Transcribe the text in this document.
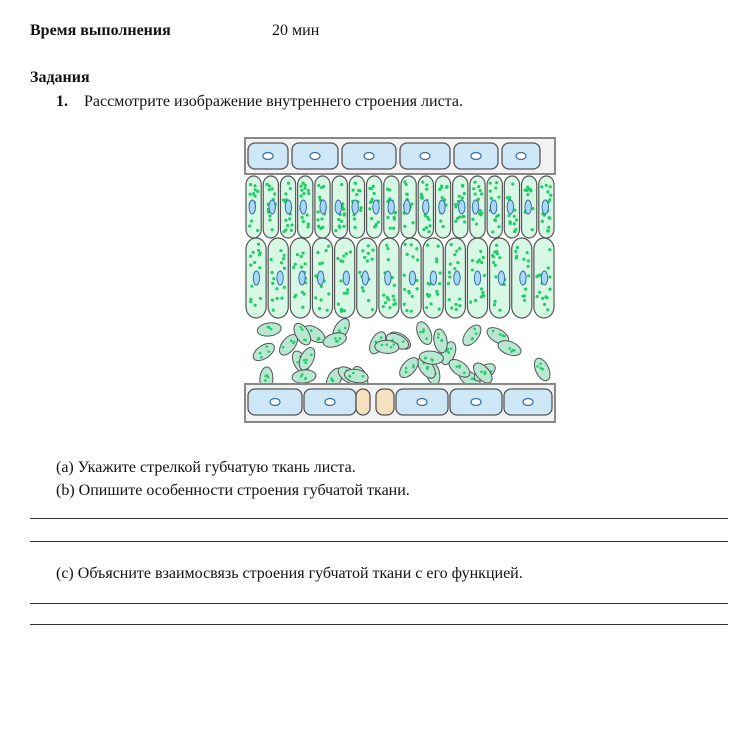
Время выполнения	20 мин
Задания
1. Рассмотрите изображение внутреннего строения листа.
(a) Укажите стрелкой губчатую ткань листа.
(b) Опишите особенности строения губчатой ткани.
(c) Объясните взаимосвязь строения губчатой ткани с его функцией.
